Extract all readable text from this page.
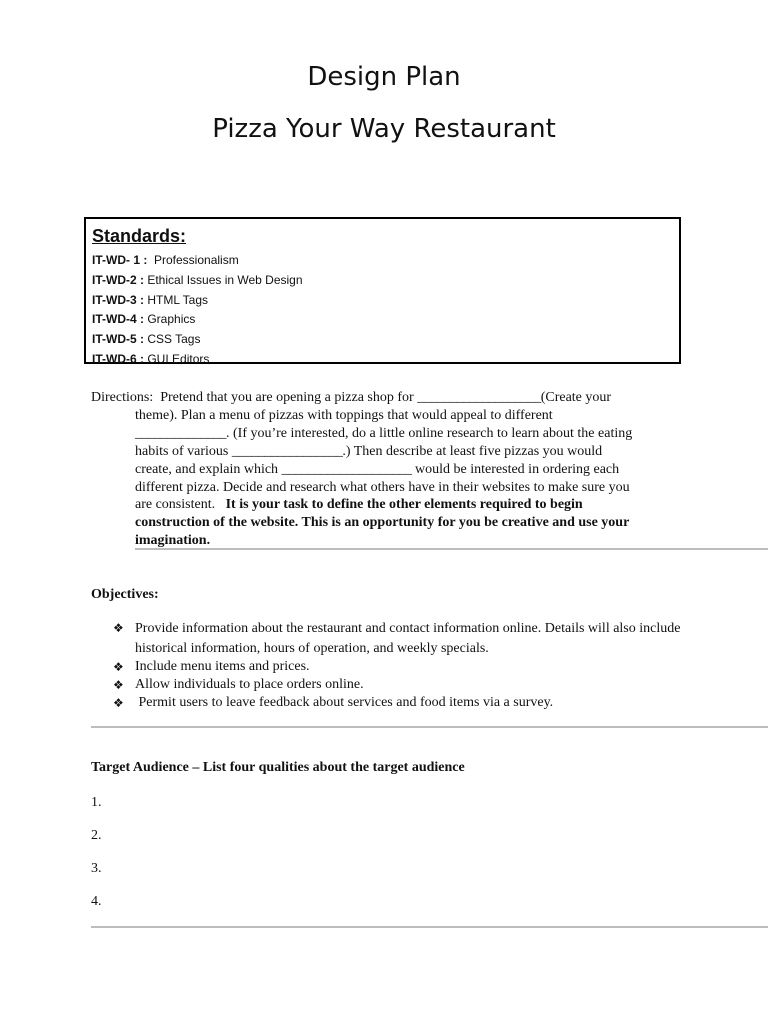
Design Plan
Pizza Your Way Restaurant
Standards:
IT-WD- 1 : Professionalism
IT-WD-2 : Ethical Issues in Web Design
IT-WD-3 : HTML Tags
IT-WD-4 : Graphics
IT-WD-5 : CSS Tags
IT-WD-6 : GUI Editors
Directions: Pretend that you are opening a pizza shop for ___________________(Create your
theme). Plan a menu of pizzas with toppings that would appeal to different
______________. (If you’re interested, do a little online research to learn about the eating
habits of various _________________.) Then describe at least five pizzas you would
create, and explain which ____________________ would be interested in ordering each
different pizza. Decide and research what others have in their websites to make sure you
are consistent. It is your task to define the other elements required to begin
construction of the website. This is an opportunity for you be creative and use your
imagination.

Objectives:

❖ Provide information about the restaurant and contact information online. Details will also include historical information, hours of operation, and weekly specials.
❖ Include menu items and prices.
❖ Allow individuals to place orders online.
❖ Permit users to leave feedback about services and food items via a survey.

Target Audience – List four qualities about the target audience

1.
2.
3.
4.
